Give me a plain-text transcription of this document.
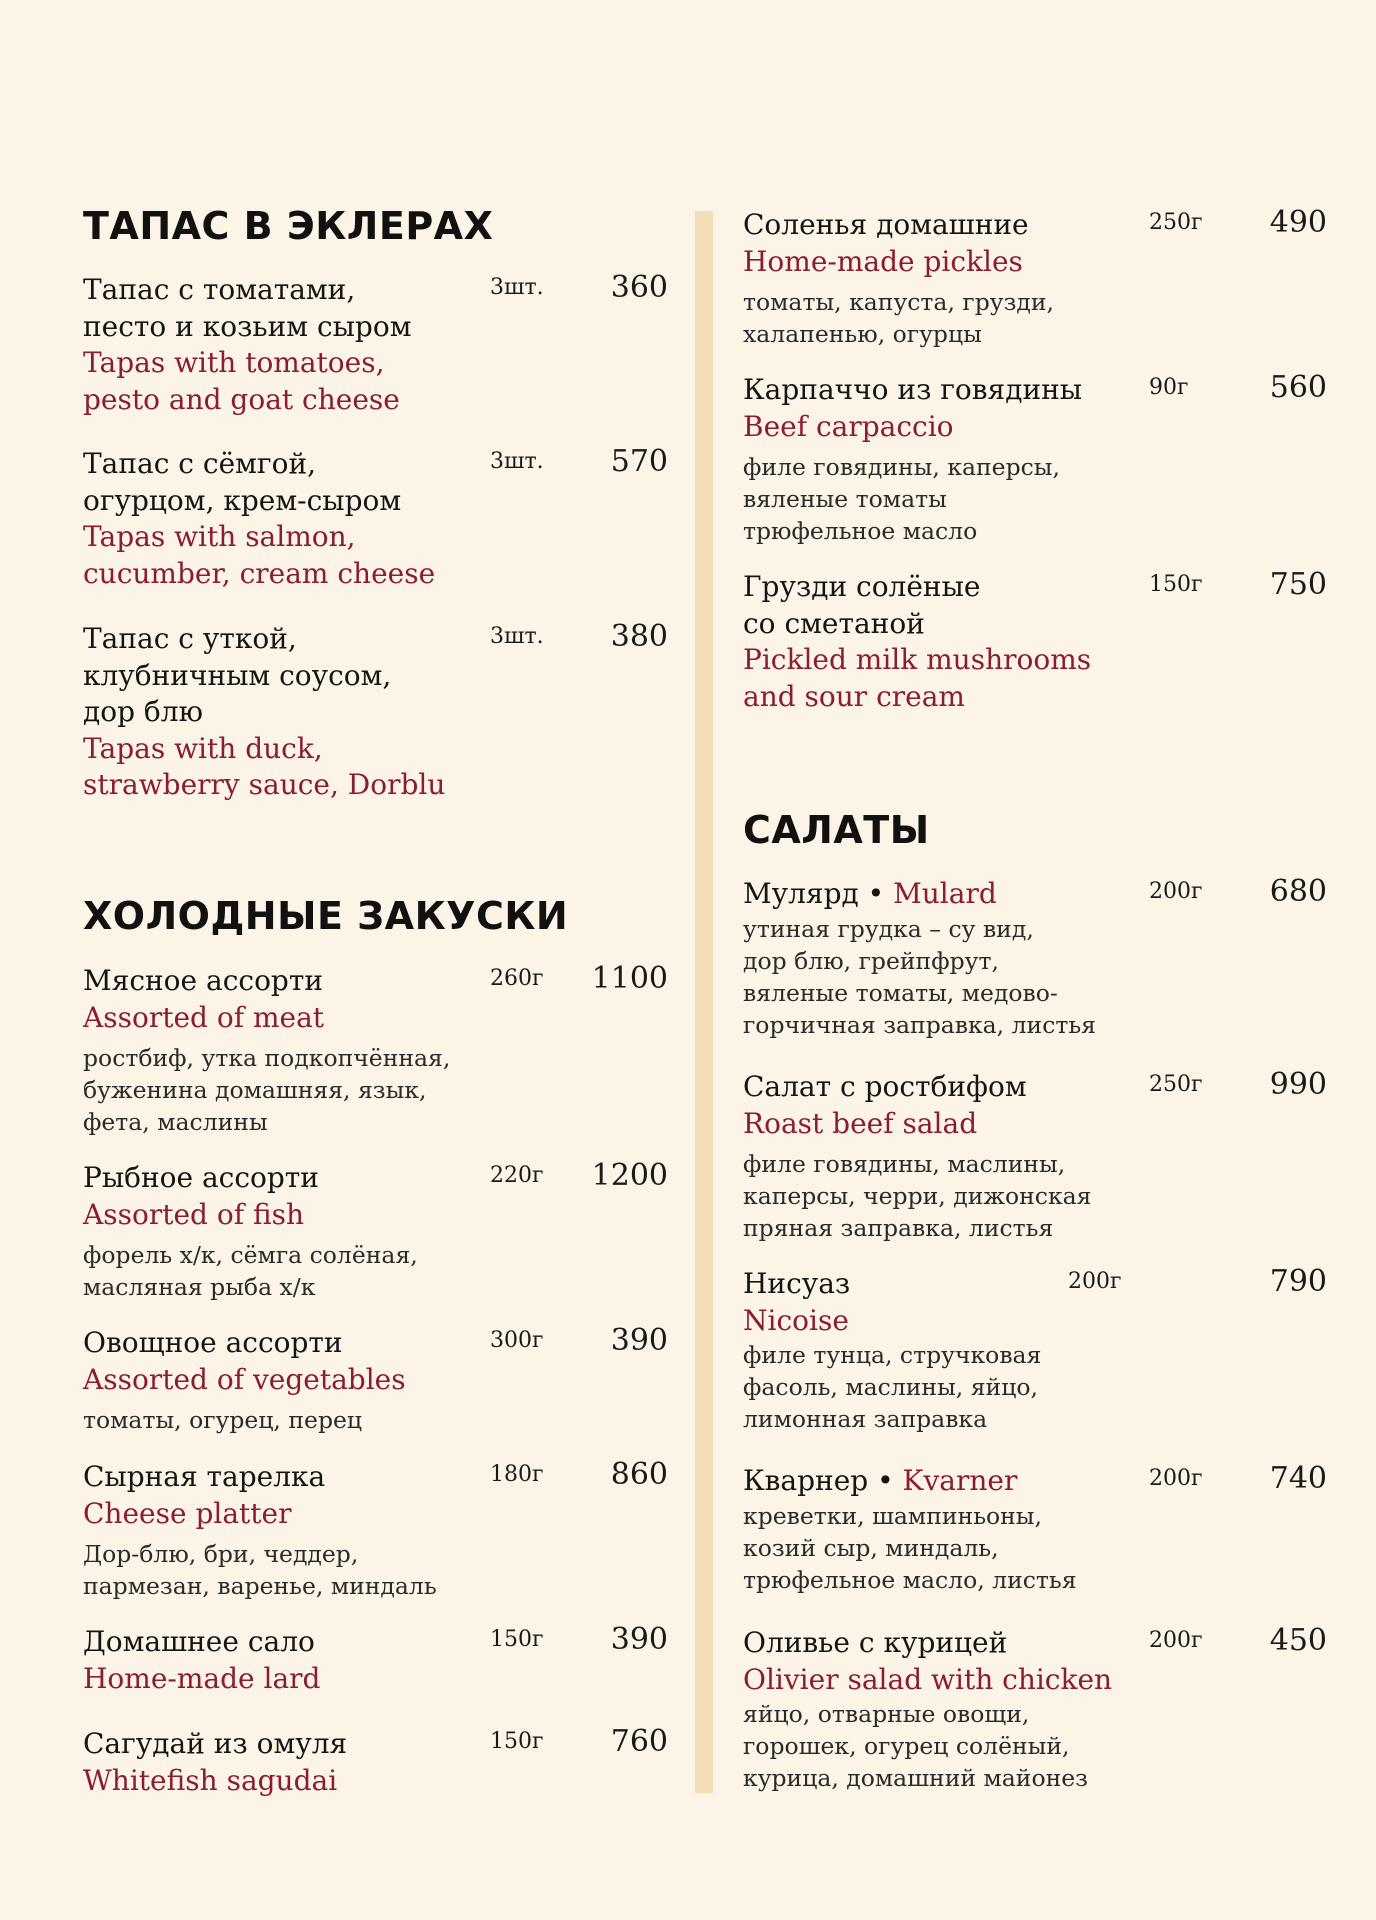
ТАПАС В ЭКЛЕРАХ
Тапас с томатами,
песто и козьим сыром
Tapas with tomatoes,
pesto and goat cheese
3шт. 360
Тапас с сёмгой,
огурцом, крем-сыром
Tapas with salmon,
cucumber, cream cheese
3шт. 570
Тапас с уткой,
клубничным соусом,
дор блю
Tapas with duck,
strawberry sauce, Dorblu
3шт. 380
ХОЛОДНЫЕ ЗАКУСКИ
Мясное ассорти
Assorted of meat
ростбиф, утка подкопчённая,
буженина домашняя, язык,
фета, маслины
260г 1100
Рыбное ассорти
Assorted of fish
форель х/к, сёмга солёная,
масляная рыба х/к
220г 1200
Овощное ассорти
Assorted of vegetables
томаты, огурец, перец
300г 390
Сырная тарелка
Cheese platter
Дор-блю, бри, чеддер,
пармезан, варенье, миндаль
180г 860
Домашнее сало
Home-made lard
150г 390
Сагудай из омуля
Whitefish sagudai
150г 760
Соленья домашние
Home-made pickles
томаты, капуста, грузди,
халапенью, огурцы
250г 490
Карпаччо из говядины
Beef carpaccio
филе говядины, каперсы,
вяленые томаты
трюфельное масло
90г	560
Грузди солёные
со сметаной
Pickled milk mushrooms
and sour cream
150г 750
САЛАТЫ
Мулярд • Mulard
утиная грудка – су вид,
дор блю, грейпфрут,
вяленые томаты, медово-
горчичная заправка, листья
200г 680
Салат с ростбифом
Roast beef salad
филе говядины, маслины,
каперсы, черри, дижонская
пряная заправка, листья
250г 990
Нисуаз
Nicoise
филе тунца, стручковая
фасоль, маслины, яйцо,
лимонная заправка
200г	790
Кварнер • Kvarner
креветки, шампиньоны,
козий сыр, миндаль,
трюфельное масло, листья
200г 740
Оливье с курицей
Olivier salad with chicken
яйцо, отварные овощи,
горошек, огурец солёный,
курица, домашний майонез
200г 450
